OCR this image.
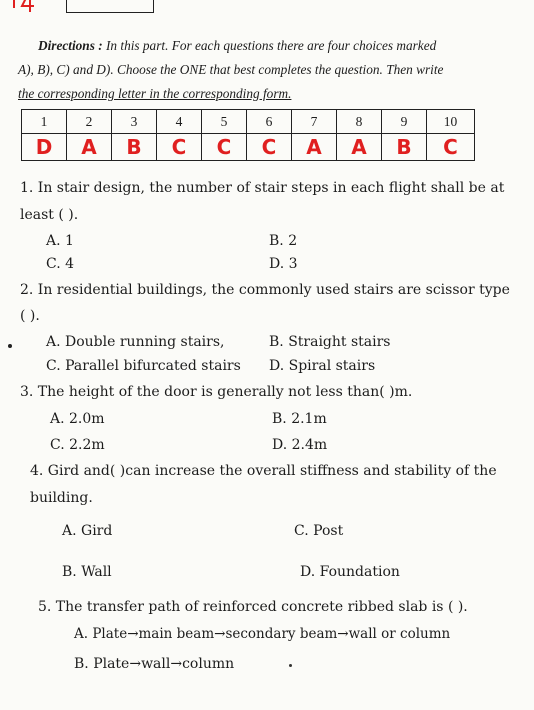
Directions : In this part. For each questions there are four choices marked
A), B), C) and D). Choose the ONE that best completes the question. Then write
the corresponding letter in the corresponding form.
1	2	3	4	5	6	7	8	9	10
D	A	B	C	C	C	A	A	B	C
1. In stair design, the number of stair steps in each flight shall be at
least ( ).
A. 1	B. 2
C. 4	D. 3
2. In residential buildings, the commonly used stairs are scissor type
( ).
A. Double running stairs,	B. Straight stairs
C. Parallel bifurcated stairs D. Spiral stairs
3. The height of the door is generally not less than( )m.
A. 2.0m	B. 2.1m
C. 2.2m	D. 2.4m
4. Gird and( )can increase the overall stiffness and stability of the
building.
A. Gird	C. Post
B. Wall	D. Foundation
5. The transfer path of reinforced concrete ribbed slab is ( ).
A. Plate→main beam→secondary beam→wall or column
B. Plate→wall→column
